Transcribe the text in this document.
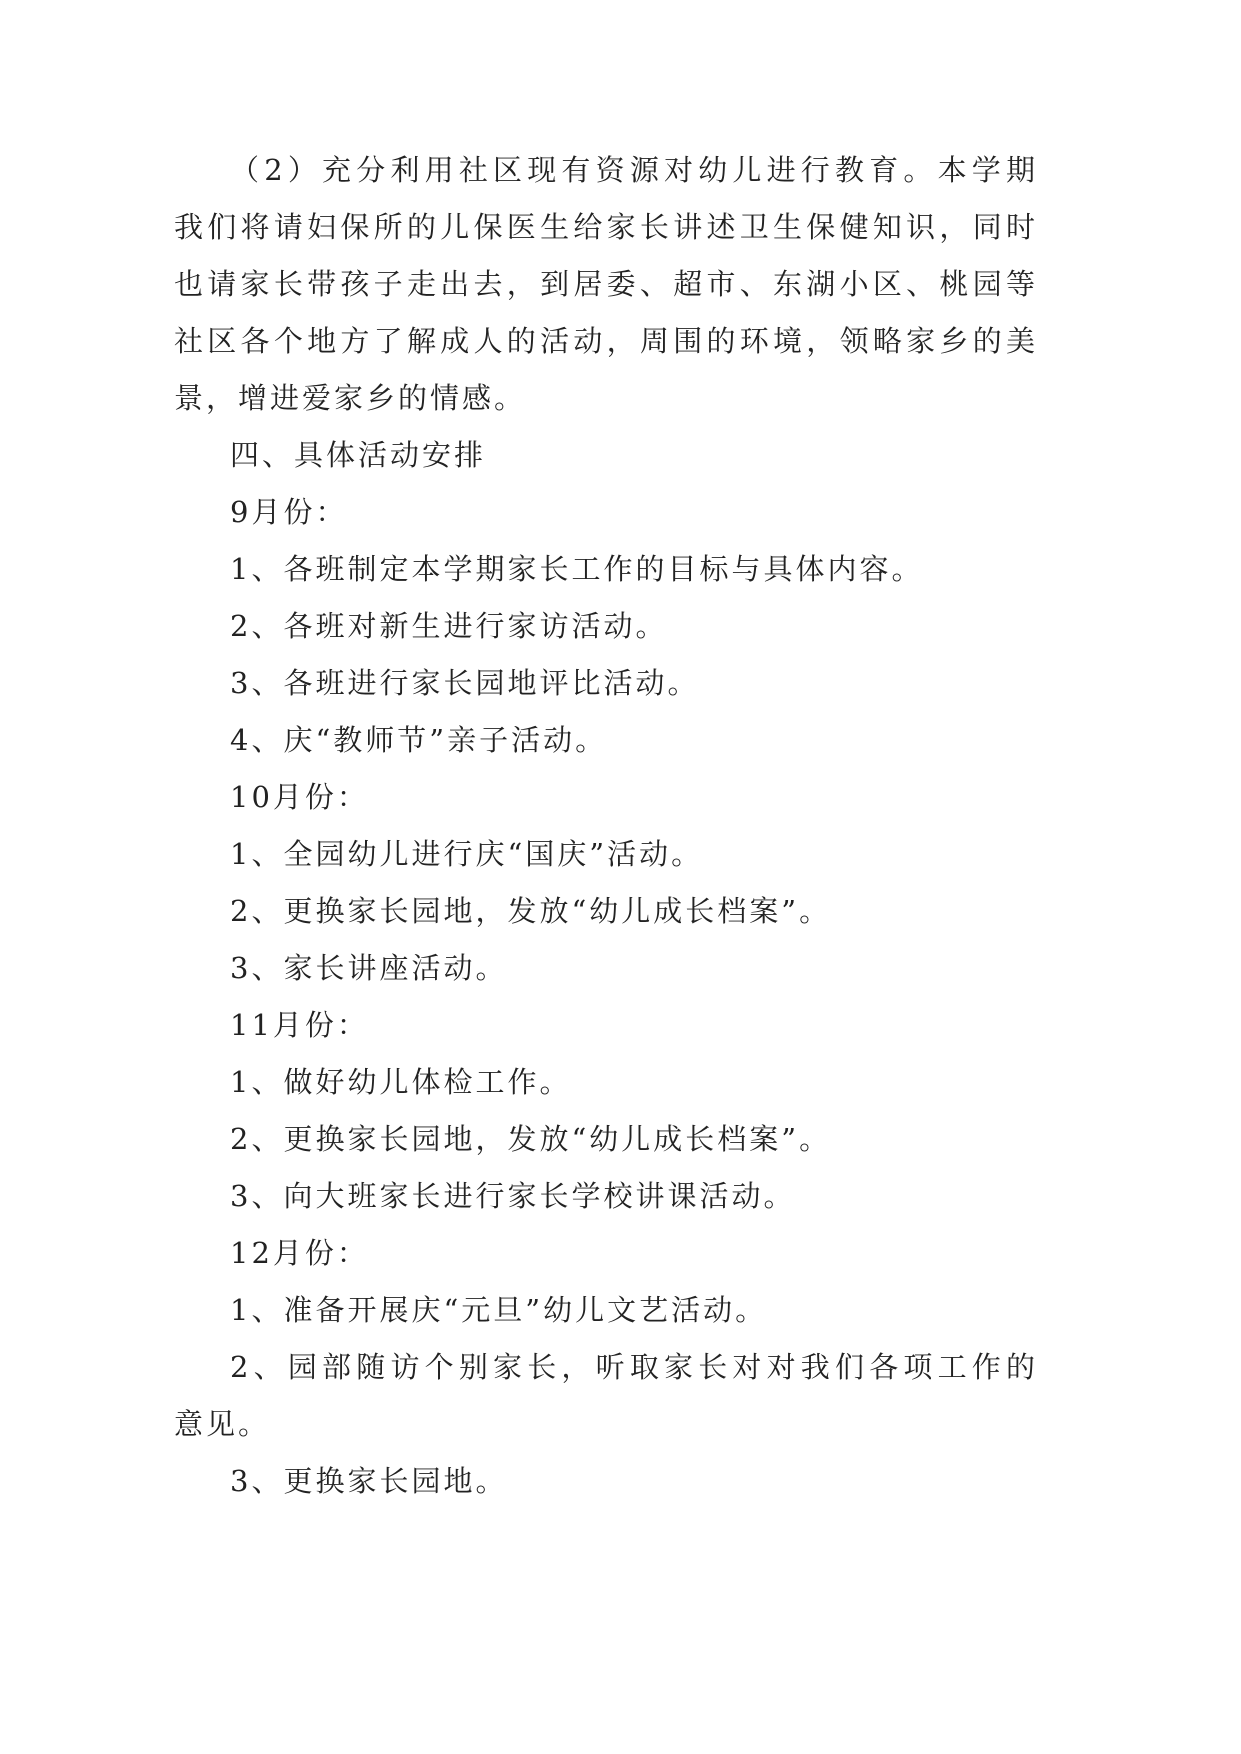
（2）充分利用社区现有资源对幼儿进行教育。本学期
我们将请妇保所的儿保医生给家长讲述卫生保健知识，同时
也请家长带孩子走出去，到居委、超市、东湖小区、桃园等
社区各个地方了解成人的活动，周围的环境，领略家乡的美
景，增进爱家乡的情感。
四、具体活动安排
9月份：
1、各班制定本学期家长工作的目标与具体内容。
2、各班对新生进行家访活动。
3、各班进行家长园地评比活动。
4、庆“教师节”亲子活动。
10月份：
1、全园幼儿进行庆“国庆”活动。
2、更换家长园地，发放“幼儿成长档案”。
3、家长讲座活动。
11月份：
1、做好幼儿体检工作。
2、更换家长园地，发放“幼儿成长档案”。
3、向大班家长进行家长学校讲课活动。
12月份：
1、准备开展庆“元旦”幼儿文艺活动。
2、园部随访个别家长，听取家长对对我们各项工作的
意见。
3、更换家长园地。
